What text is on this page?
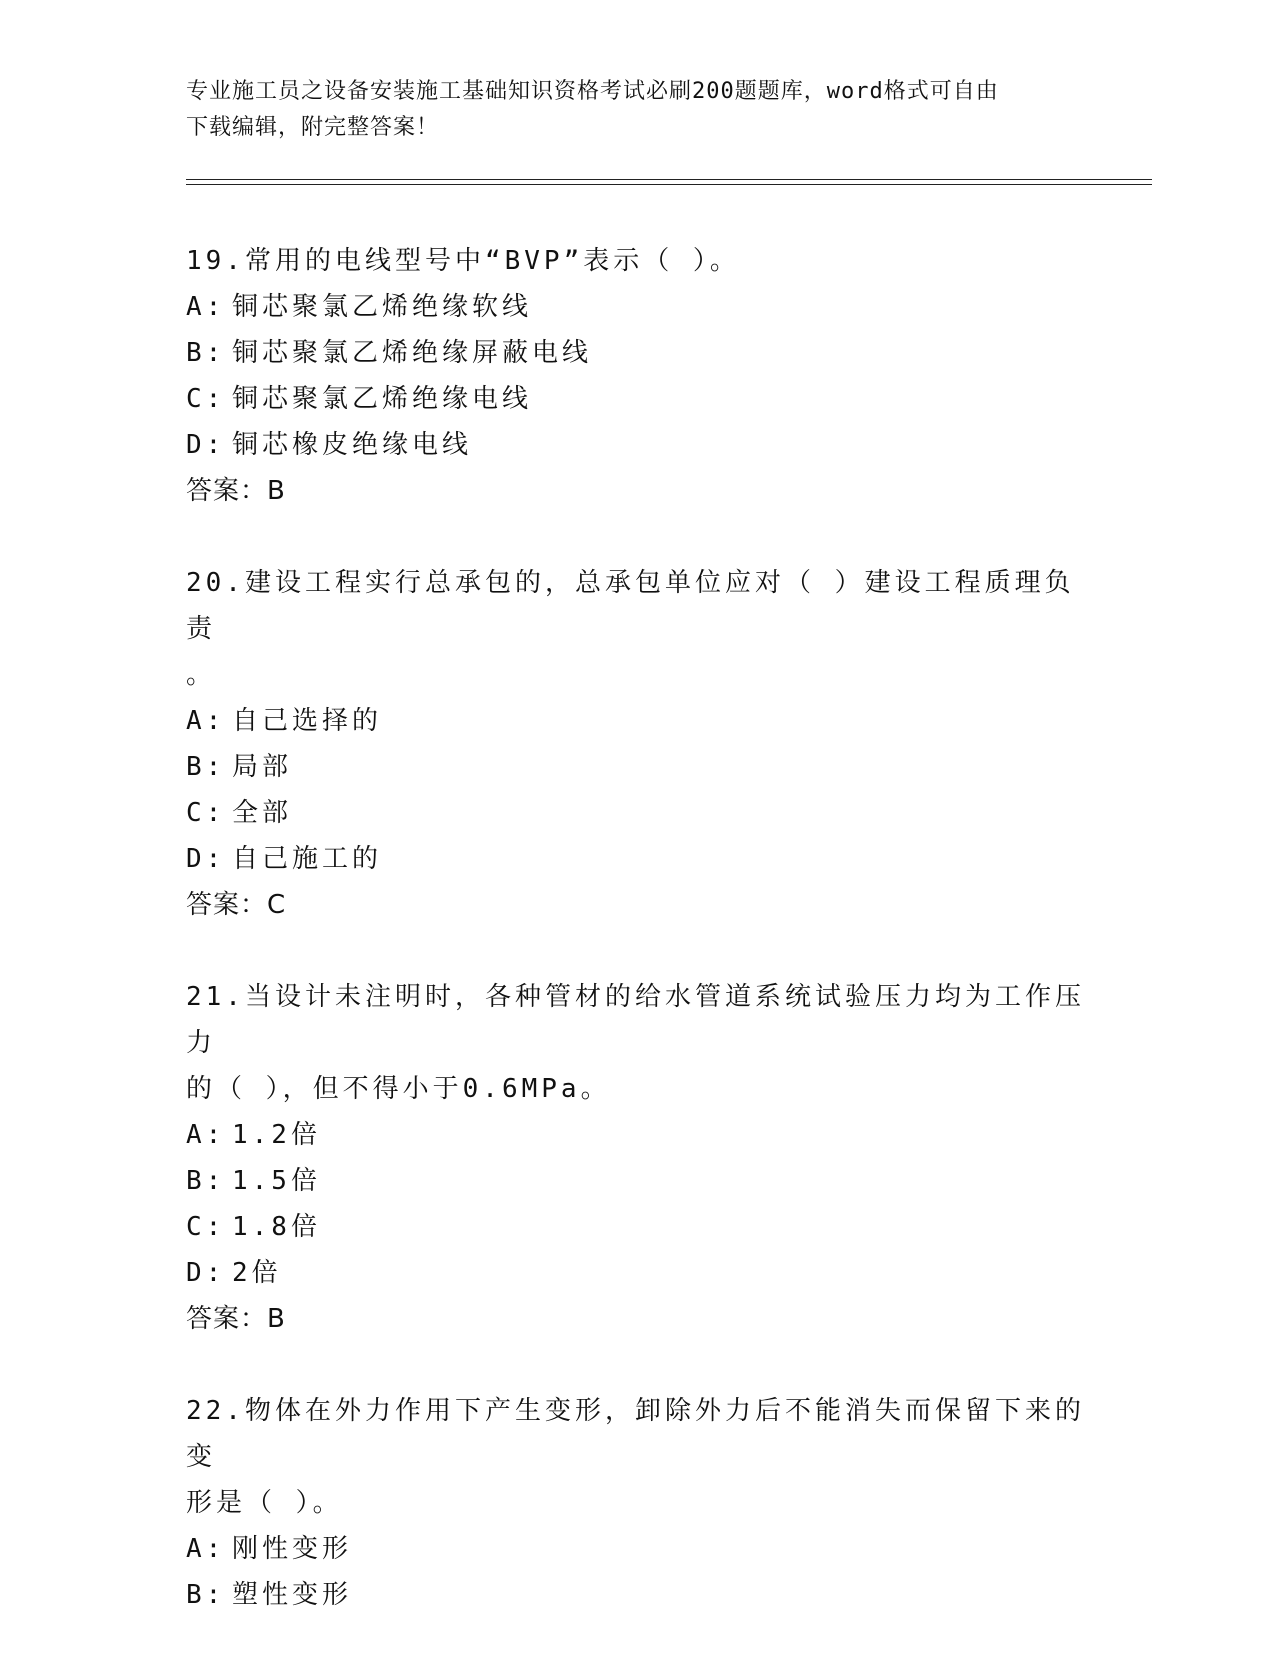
专业施工员之设备安装施工基础知识资格考试必刷200题题库，word格式可自由
下载编辑，附完整答案！
19.常用的电线型号中“BVP”表示（ ）。
A: 铜芯聚氯乙烯绝缘软线
B: 铜芯聚氯乙烯绝缘屏蔽电线
C: 铜芯聚氯乙烯绝缘电线
D: 铜芯橡皮绝缘电线
答案：B
20.建设工程实行总承包的，总承包单位应对（ ）建设工程质理负责
。
A: 自己选择的
B: 局部
C: 全部
D: 自己施工的
答案：C
21.当设计未注明时，各种管材的给水管道系统试验压力均为工作压力
的（ ），但不得小于0.6MPa。
A: 1.2倍
B: 1.5倍
C: 1.8倍
D: 2倍
答案：B
22.物体在外力作用下产生变形，卸除外力后不能消失而保留下来的变
形是（ ）。
A: 刚性变形
B: 塑性变形
